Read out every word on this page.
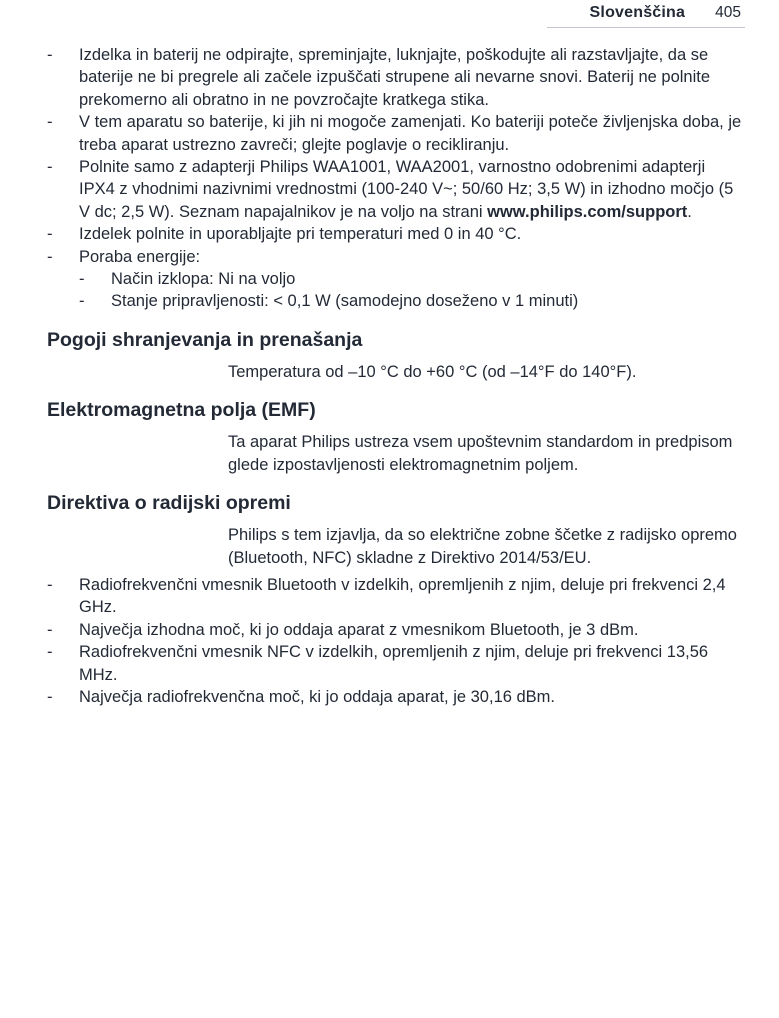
Slovenščina 405
-	Izdelka in baterij ne odpirajte, spreminjajte, luknjajte, poškodujte ali razstavljajte, da se baterije ne bi pregrele ali začele izpuščati strupene ali nevarne snovi. Baterij ne polnite prekomerno ali obratno in ne povzročajte kratkega stika.
-	V tem aparatu so baterije, ki jih ni mogoče zamenjati. Ko bateriji poteče življenjska doba, je treba aparat ustrezno zavreči; glejte poglavje o recikliranju.
-	Polnite samo z adapterji Philips WAA1001, WAA2001, varnostno odobrenimi adapterji IPX4 z vhodnimi nazivnimi vrednostmi (100-240 V~; 50/60 Hz; 3,5 W) in izhodno močjo (5 V dc; 2,5 W). Seznam napajalnikov je na voljo na strani www.philips.com/support.
-	Izdelek polnite in uporabljajte pri temperaturi med 0 in 40 °C.
-	Poraba energije:
-	Način izklopa: Ni na voljo
-	Stanje pripravljenosti: < 0,1 W (samodejno doseženo v 1 minuti)
Pogoji shranjevanja in prenašanja

Temperatura od –10 °C do +60 °C (od –14°F do 140°F).

Elektromagnetna polja (EMF)

Ta aparat Philips ustreza vsem upoštevnim standardom in predpisom glede izpostavljenosti elektromagnetnim poljem.

Direktiva o radijski opremi

Philips s tem izjavlja, da so električne zobne ščetke z radijsko opremo (Bluetooth, NFC) skladne z Direktivo 2014/53/EU.

-	Radiofrekvenčni vmesnik Bluetooth v izdelkih, opremljenih z njim, deluje pri frekvenci 2,4 GHz.
-	Največja izhodna moč, ki jo oddaja aparat z vmesnikom Bluetooth, je 3 dBm.
-	Radiofrekvenčni vmesnik NFC v izdelkih, opremljenih z njim, deluje pri frekvenci 13,56 MHz.
-	Največja radiofrekvenčna moč, ki jo oddaja aparat, je 30,16 dBm.
